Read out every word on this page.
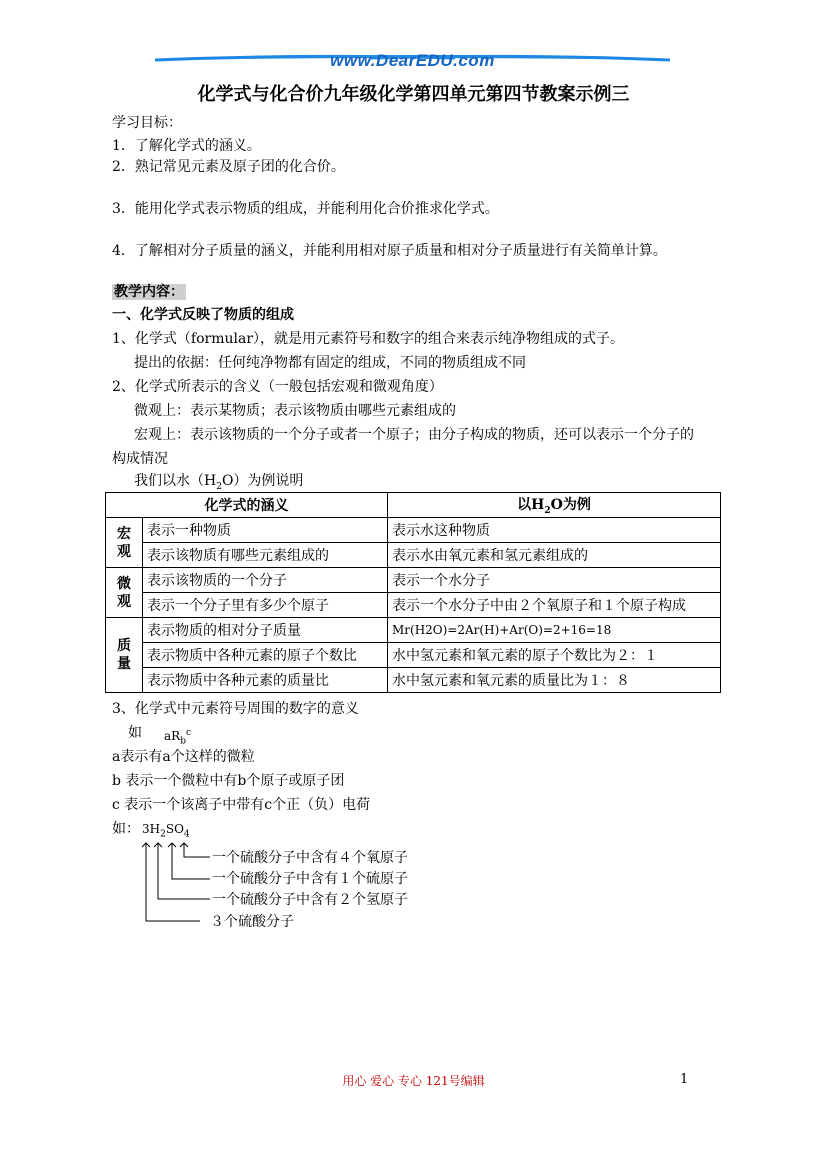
www.DearEDU.com
化学式与化合价九年级化学第四单元第四节教案示例三
学习目标：
1．了解化学式的涵义。
2．熟记常见元素及原子团的化合价。
3．能用化学式表示物质的组成，并能利用化合价推求化学式。
4．了解相对分子质量的涵义，并能利用相对原子质量和相对分子质量进行有关简单计算。
教学内容：
一、化学式反映了物质的组成
1、化学式（formular），就是用元素符号和数字的组合来表示纯净物组成的式子。
提出的依据：任何纯净物都有固定的组成，不同的物质组成不同
2、化学式所表示的含义（一般包括宏观和微观角度）
微观上：表示某物质；表示该物质由哪些元素组成的
宏观上：表示该物质的一个分子或者一个原子；由分子构成的物质，还可以表示一个分子的
构成情况
我们以水$(H_2O)$为例说明
化学式的涵义		以$H_2O$为例
宏观	表示一种物质	表示水这种物质
	表示该物质有哪些元素组成的	表示水由氧元素和氢元素组成的
微观	表示该物质的一个分子	表示一个水分子
	表示一个分子里有多少个原子	表示一个水分子中由２个氧原子和１个原子构成
质量	表示物质的相对分子质量	Mr(H2O)=2Ar(H)+Ar(O)=2+16=18
	表示物质中各种元素的原子个数比	水中氢元素和氧元素的原子个数比为２：１
	表示物质中各种元素的质量比	水中氢元素和氧元素的质量比为１：８
3、化学式中元素符号周围的数字的意义
如 $aR_b^c$
a表示有a个这样的微粒
b 表示一个微粒中有b个原子或原子团
c 表示一个该离子中带有c个正（负）电荷
如： $3H_2SO_4$
一个硫酸分子中含有４个氧原子
一个硫酸分子中含有１个硫原子
一个硫酸分子中含有２个氢原子
３个硫酸分子
用心 爱心 专心 121号编辑	1
